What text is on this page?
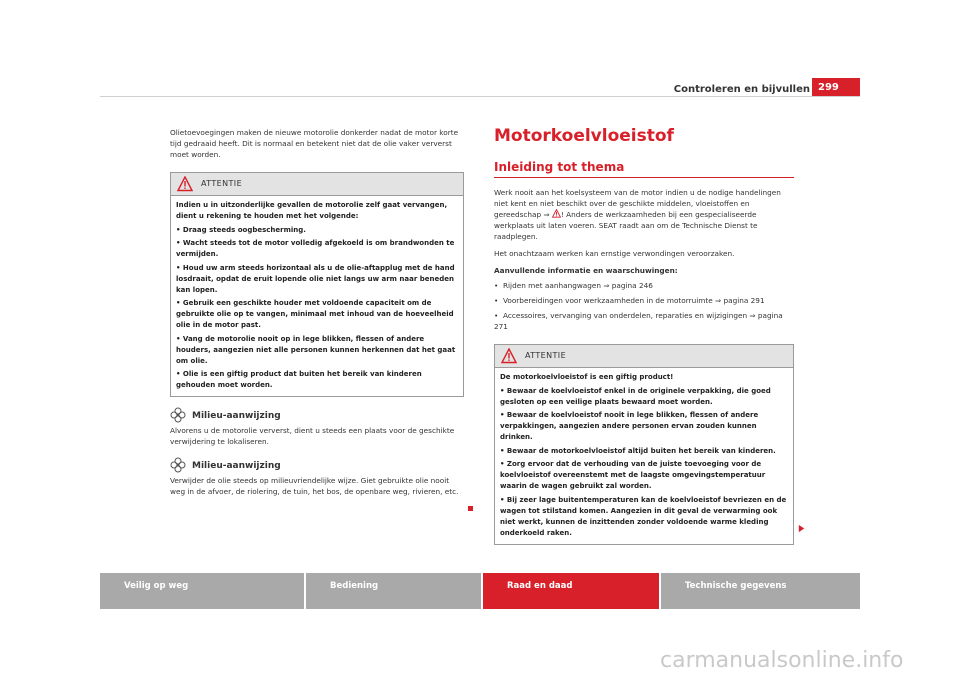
Controleren en bijvullen 299

Olietoevoegingen maken de nieuwe motorolie donkerder nadat de motor korte tijd gedraaid heeft. Dit is normaal en betekent niet dat de olie vaker ververst moet worden.

ATTENTIE

Indien u in uitzonderlijke gevallen de motorolie zelf gaat vervangen, dient u rekening te houden met het volgende:

• Draag steeds oogbescherming.

• Wacht steeds tot de motor volledig afgekoeld is om brandwonden te vermijden.

• Houd uw arm steeds horizontaal als u de olie-aftapplug met de hand losdraait, opdat de eruit lopende olie niet langs uw arm naar beneden kan lopen.

• Gebruik een geschikte houder met voldoende capaciteit om de gebruikte olie op te vangen, minimaal met inhoud van de hoeveelheid olie in de motor past.

• Vang de motorolie nooit op in lege blikken, flessen of andere houders, aangezien niet alle personen kunnen herkennen dat het gaat om olie.

• Olie is een giftig product dat buiten het bereik van kinderen gehouden moet worden.

Milieu-aanwijzing

Alvorens u de motorolie ververst, dient u steeds een plaats voor de geschikte verwijdering te lokaliseren.

Milieu-aanwijzing

Verwijder de olie steeds op milieuvriendelijke wijze. Giet gebruikte olie nooit weg in de afvoer, de riolering, de tuin, het bos, de openbare weg, rivieren, etc.

Motorkoelvloeistof
Inleiding tot thema

Werk nooit aan het koelsysteem van de motor indien u de nodige handelingen niet kent en niet beschikt over de geschikte middelen, vloeistoffen en gereedschap ⇒ ! Anders de werkzaamheden bij een gespecialiseerde werkplaats uit laten voeren. SEAT raadt aan om de Technische Dienst te raadplegen.

Het onachtzaam werken kan ernstige verwondingen veroorzaken.

Aanvullende informatie en waarschuwingen:

•  Rijden met aanhangwagen ⇒ pagina 246

•  Voorbereidingen voor werkzaamheden in de motorruimte ⇒ pagina 291

•  Accessoires, vervanging van onderdelen, reparaties en wijzigingen ⇒ pagina 271

ATTENTIE

De motorkoelvloeistof is een giftig product!

• Bewaar de koelvloeistof enkel in de originele verpakking, die goed gesloten op een veilige plaats bewaard moet worden.

• Bewaar de koelvloeistof nooit in lege blikken, flessen of andere verpakkingen, aangezien andere personen ervan zouden kunnen drinken.

• Bewaar de motorkoelvloeistof altijd buiten het bereik van kinderen.

• Zorg ervoor dat de verhouding van de juiste toevoeging voor de koelvloeistof overeenstemt met de laagste omgevingstemperatuur waarin de wagen gebruikt zal worden.

• Bij zeer lage buitentemperaturen kan de koelvloeistof bevriezen en de wagen tot stilstand komen. Aangezien in dit geval de verwarming ook niet werkt, kunnen de inzittenden zonder voldoende warme kleding onderkoeld raken.

Veilig op weg	Bediening	Raad en daad	Technische gegevens
carmanualsonline.info
